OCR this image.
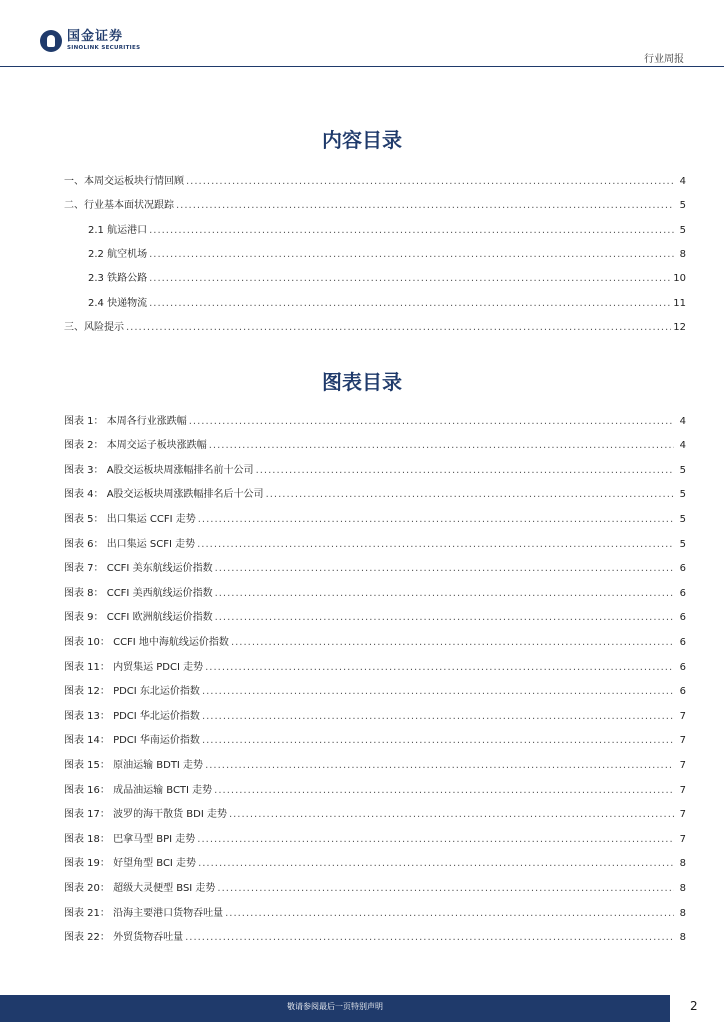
国金证券
SINOLINK SECURITIES
行业周报
内容目录
一、本周交运板块行情回顾 .....	4
二、行业基本面状况跟踪 .....	5
2.1 航运港口 .....	5
2.2 航空机场 .....	8
2.3 铁路公路 .....	10
2.4 快递物流 .....	11
三、风险提示 .....	12
图表目录
图表 1： 本周各行业涨跌幅 .....	4
图表 2： 本周交运子板块涨跌幅 .....	4
图表 3： A股交运板块周涨幅排名前十公司 .....	5
图表 4： A股交运板块周涨跌幅排名后十公司 .....	5
图表 5： 出口集运 CCFI 走势 .....	5
图表 6： 出口集运 SCFI 走势 .....	5
图表 7： CCFI 美东航线运价指数 .....	6
图表 8： CCFI 美西航线运价指数 .....	6
图表 9： CCFI 欧洲航线运价指数 .....	6
图表 10： CCFI 地中海航线运价指数 .....	6
图表 11： 内贸集运 PDCI 走势 .....	6
图表 12： PDCI 东北运价指数 .....	6
图表 13： PDCI 华北运价指数 .....	7
图表 14： PDCI 华南运价指数 .....	7
图表 15： 原油运输 BDTI 走势 .....	7
图表 16： 成品油运输 BCTI 走势 .....	7
图表 17： 波罗的海干散货 BDI 走势 .....	7
图表 18： 巴拿马型 BPI 走势 .....	7
图表 19： 好望角型 BCI 走势 .....	8
图表 20： 超级大灵便型 BSI 走势 .....	8
图表 21： 沿海主要港口货物吞吐量 .....	8
图表 22： 外贸货物吞吐量 .....	8
敬请参阅最后一页特别声明	2
